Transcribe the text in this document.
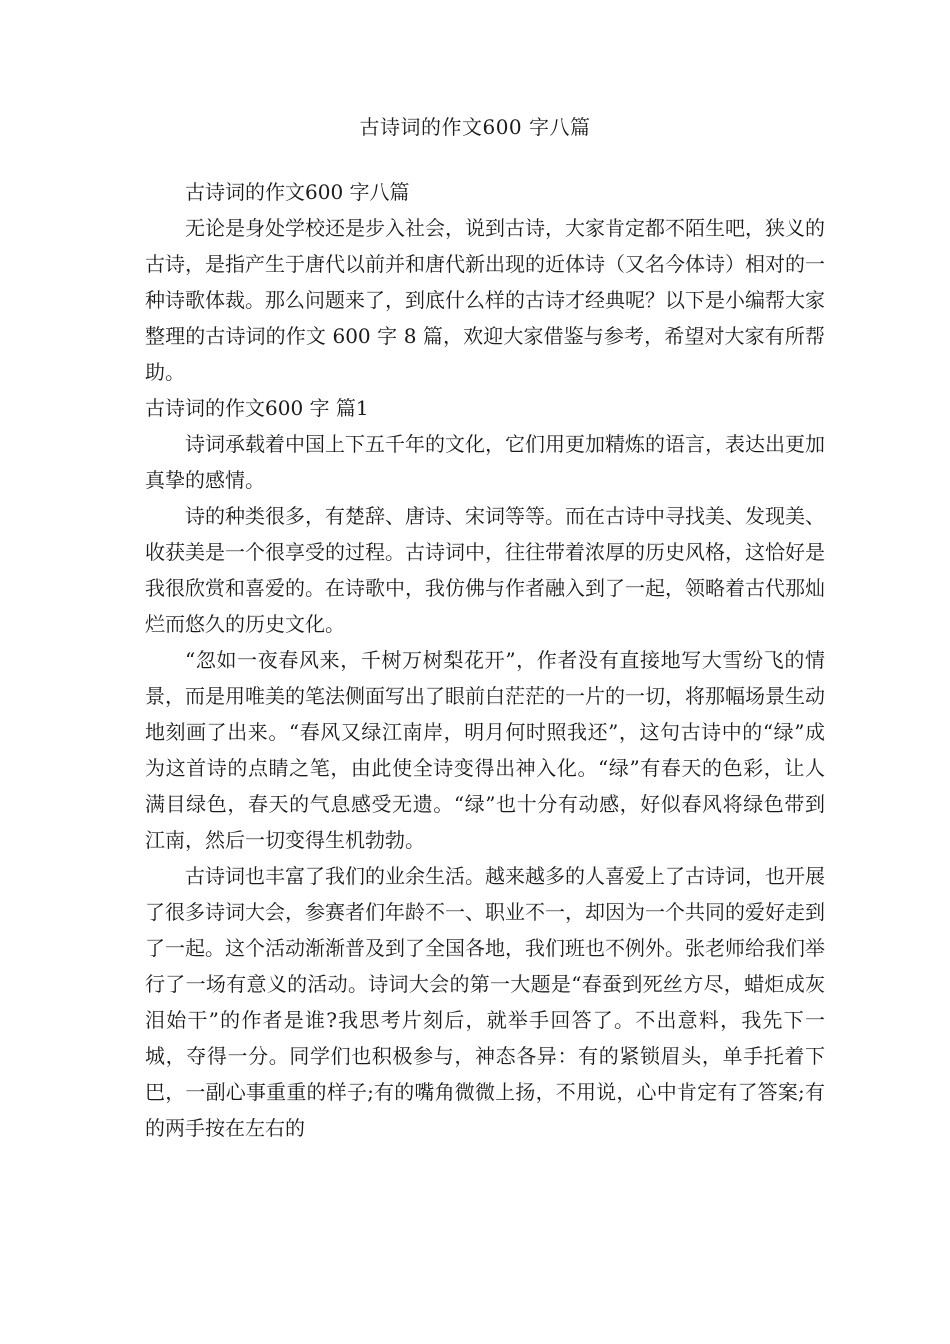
古诗词的作文600 字八篇

古诗词的作文600 字八篇

无论是身处学校还是步入社会，说到古诗，大家肯定都不陌生吧，狭义的古诗，是指产生于唐代以前并和唐代新出现的近体诗（又名今体诗）相对的一种诗歌体裁。那么问题来了，到底什么样的古诗才经典呢？以下是小编帮大家整理的古诗词的作文 600 字 8 篇，欢迎大家借鉴与参考，希望对大家有所帮助。

古诗词的作文600 字 篇1

诗词承载着中国上下五千年的文化，它们用更加精炼的语言，表达出更加真挚的感情。

诗的种类很多，有楚辞、唐诗、宋词等等。而在古诗中寻找美、发现美、收获美是一个很享受的过程。古诗词中，往往带着浓厚的历史风格，这恰好是我很欣赏和喜爱的。在诗歌中，我仿佛与作者融入到了一起，领略着古代那灿烂而悠久的历史文化。

“忽如一夜春风来，千树万树梨花开”，作者没有直接地写大雪纷飞的情景，而是用唯美的笔法侧面写出了眼前白茫茫的一片的一切，将那幅场景生动地刻画了出来。“春风又绿江南岸，明月何时照我还”，这句古诗中的“绿”成为这首诗的点睛之笔，由此使全诗变得出神入化。“绿”有春天的色彩，让人满目绿色，春天的气息感受无遗。“绿”也十分有动感，好似春风将绿色带到江南，然后一切变得生机勃勃。

古诗词也丰富了我们的业余生活。越来越多的人喜爱上了古诗词，也开展了很多诗词大会，参赛者们年龄不一、职业不一，却因为一个共同的爱好走到了一起。这个活动渐渐普及到了全国各地，我们班也不例外。张老师给我们举行了一场有意义的活动。诗词大会的第一大题是“春蚕到死丝方尽，蜡炬成灰泪始干”的作者是谁?我思考片刻后，就举手回答了。不出意料，我先下一城，夺得一分。同学们也积极参与，神态各异：有的紧锁眉头，单手托着下巴，一副心事重重的样子;有的嘴角微微上扬，不用说，心中肯定有了答案;有的两手按在左右的
